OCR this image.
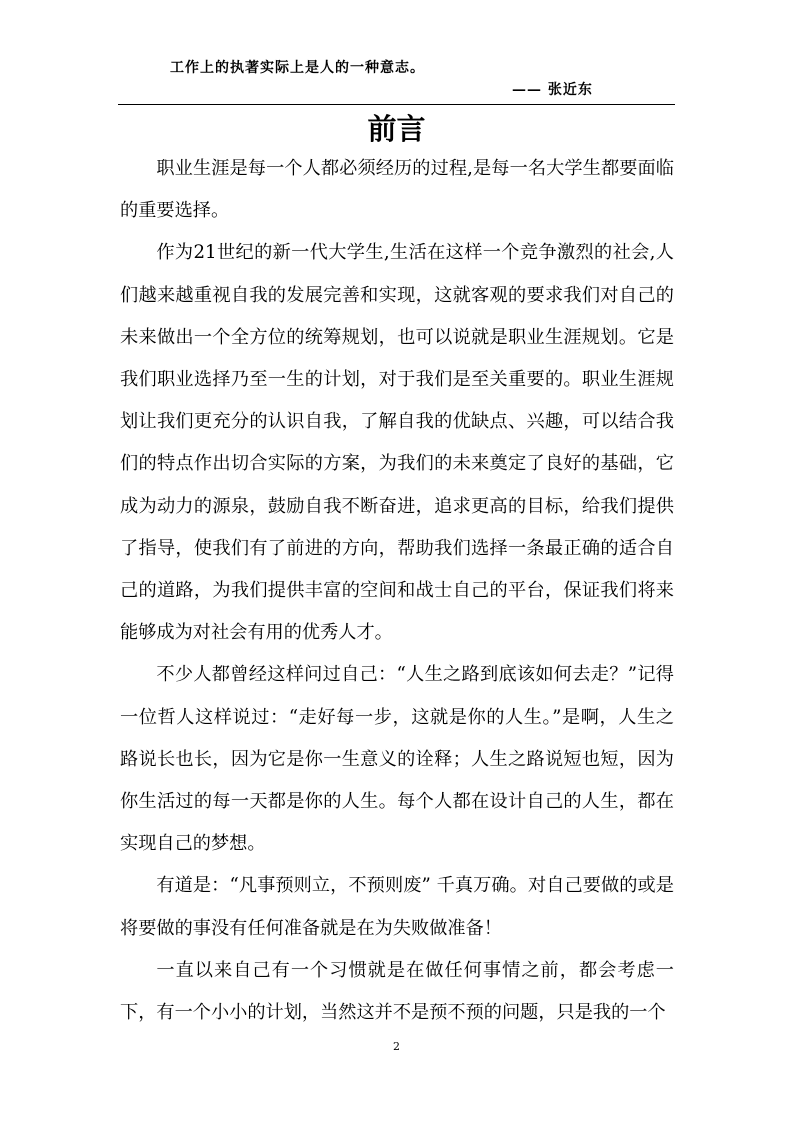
工作上的执著实际上是人的一种意志。
—— 张近东
前言

职业生涯是每一个人都必须经历的过程,是每一名大学生都要面临的重要选择。

作为21世纪的新一代大学生,生活在这样一个竞争激烈的社会,人们越来越重视自我的发展完善和实现，这就客观的要求我们对自己的未来做出一个全方位的统筹规划，也可以说就是职业生涯规划。它是我们职业选择乃至一生的计划，对于我们是至关重要的。职业生涯规划让我们更充分的认识自我，了解自我的优缺点、兴趣，可以结合我们的特点作出切合实际的方案，为我们的未来奠定了良好的基础，它成为动力的源泉，鼓励自我不断奋进，追求更高的目标，给我们提供了指导，使我们有了前进的方向，帮助我们选择一条最正确的适合自己的道路，为我们提供丰富的空间和战士自己的平台，保证我们将来能够成为对社会有用的优秀人才。

不少人都曾经这样问过自己：“人生之路到底该如何去走？”记得一位哲人这样说过：“走好每一步，这就是你的人生。”是啊，人生之路说长也长，因为它是你一生意义的诠释；人生之路说短也短，因为你生活过的每一天都是你的人生。每个人都在设计自己的人生，都在实现自己的梦想。

有道是：“凡事预则立，不预则废” 千真万确。对自己要做的或是将要做的事没有任何准备就是在为失败做准备！

一直以来自己有一个习惯就是在做任何事情之前，都会考虑一下，有一个小小的计划，当然这并不是预不预的问题，只是我的一个

2
